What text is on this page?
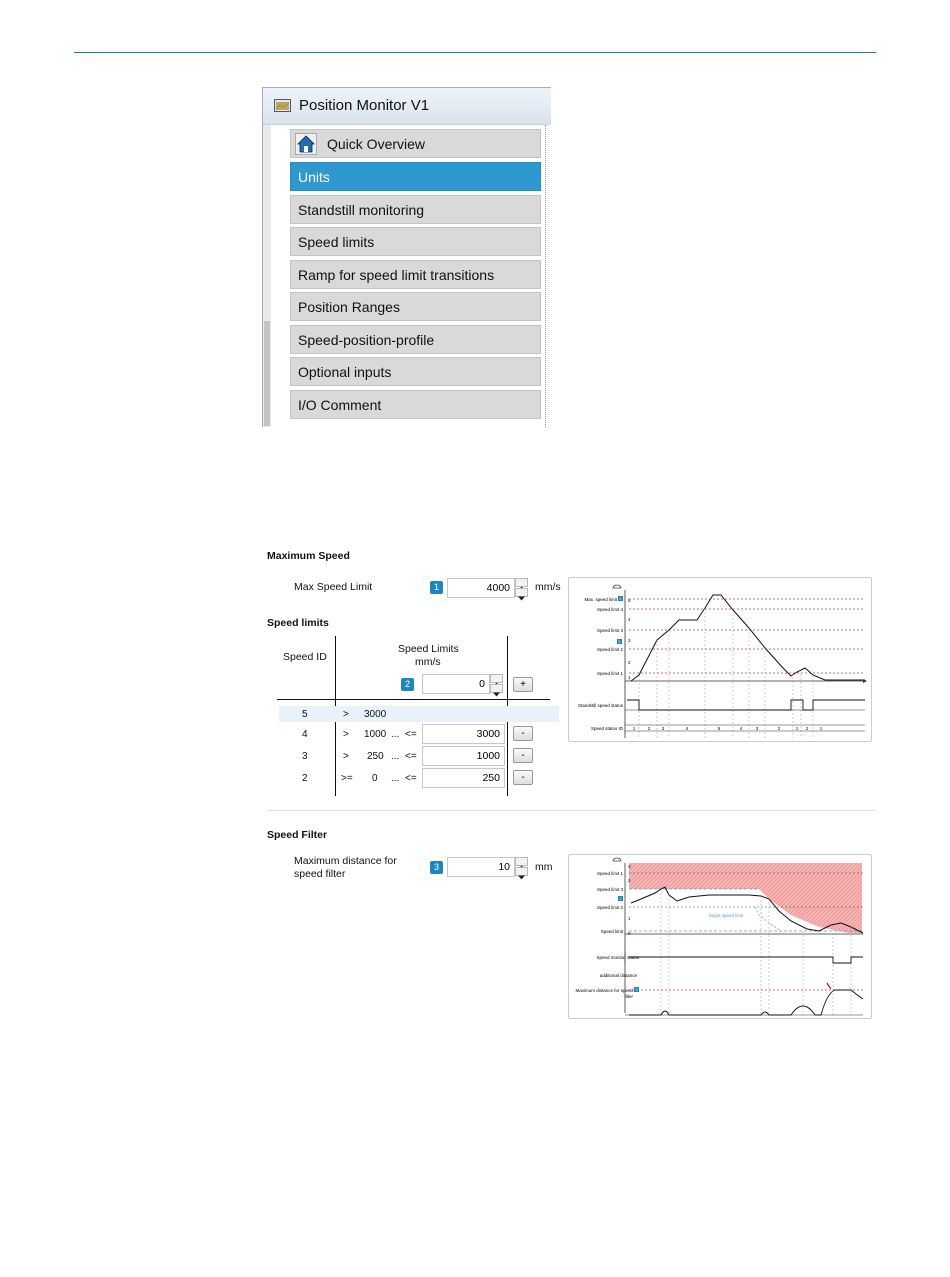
Position Monitor V1
Quick Overview
Units
Standstill monitoring
Speed limits
Ramp for speed limit transitions
Position Ranges
Speed-position-profile
Optional inputs
I/O Comment
Maximum Speed
Max Speed Limit	1	4000	mm/s
Speed limits
Speed ID
Speed Limits
mm/s
2	0	+
5	> 3000
4	> 1000 ... <=	3000	-
3	> 250 ... <=	1000	-
2	>= 0 ... <=	250	-
Speed Filter
Maximum distance for
speed filter
3	10	mm
Max. speed limit 1
Speed limit 4
Speed limit 3
2
Speed limit 2
Speed limit 1
5
4
3
2
1
Standstill speed status
Speed status ID 1	2	3	4	5	4	3	2	1 2	1
target speed limit
Speed limit 1
Speed limit 3
2
Speed limit 2
Speed limit
3
2
1
0
Speed monitor status
additional distance
Maximum distance for speed
filter
3
